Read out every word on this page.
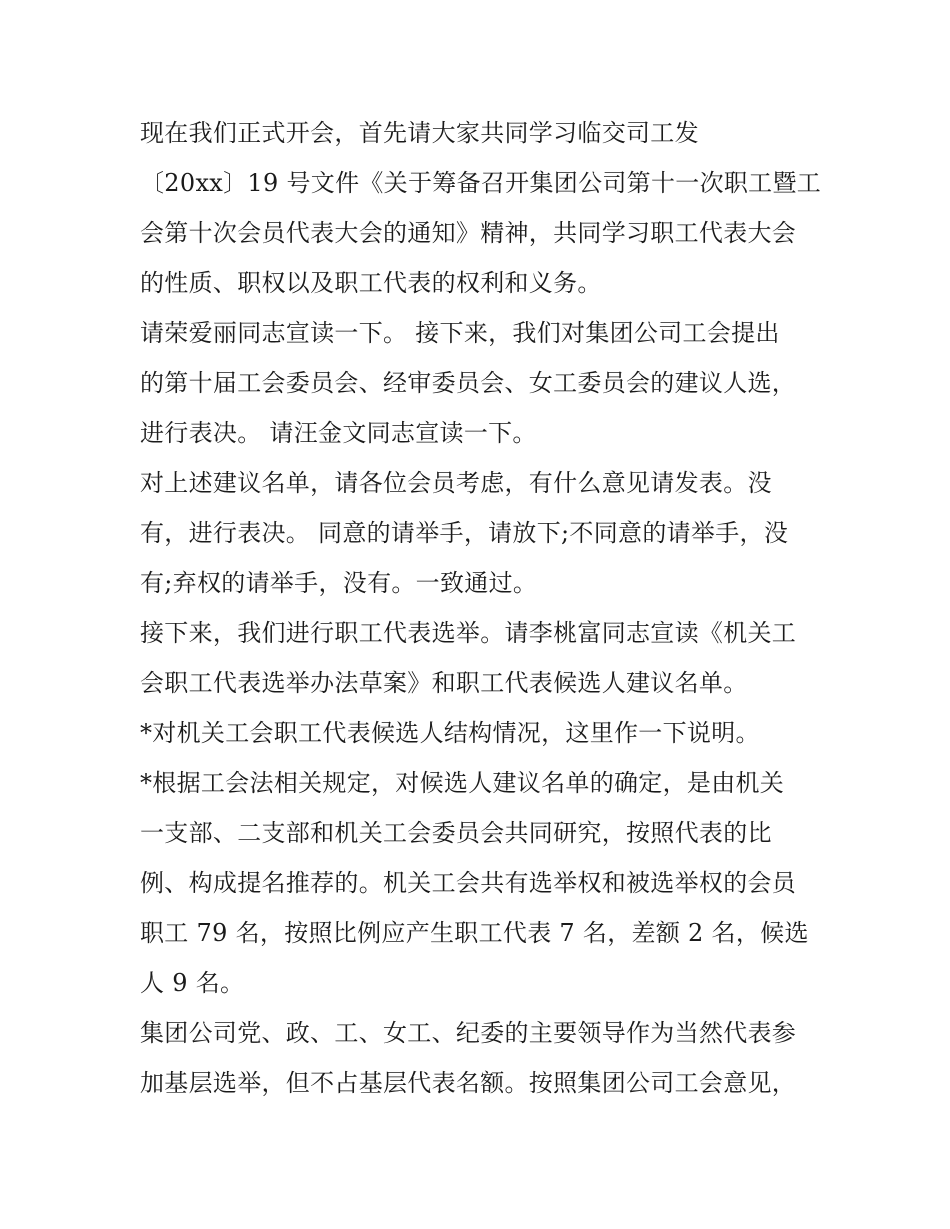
现在我们正式开会，首先请大家共同学习临交司工发
〔20xx〕19 号文件《关于筹备召开集团公司第十一次职工暨工
会第十次会员代表大会的通知》精神，共同学习职工代表大会
的性质、职权以及职工代表的权利和义务。
请荣爱丽同志宣读一下。 接下来，我们对集团公司工会提出
的第十届工会委员会、经审委员会、女工委员会的建议人选，
进行表决。 请汪金文同志宣读一下。
对上述建议名单，请各位会员考虑，有什么意见请发表。没
有，进行表决。 同意的请举手，请放下;不同意的请举手，没
有;弃权的请举手，没有。一致通过。
接下来，我们进行职工代表选举。请李桃富同志宣读《机关工
会职工代表选举办法草案》和职工代表候选人建议名单。
*对机关工会职工代表候选人结构情况，这里作一下说明。
*根据工会法相关规定，对候选人建议名单的确定，是由机关
一支部、二支部和机关工会委员会共同研究，按照代表的比
例、构成提名推荐的。机关工会共有选举权和被选举权的会员
职工 79 名，按照比例应产生职工代表 7 名，差额 2 名，候选
人 9 名。
集团公司党、政、工、女工、纪委的主要领导作为当然代表参
加基层选举，但不占基层代表名额。按照集团公司工会意见，
